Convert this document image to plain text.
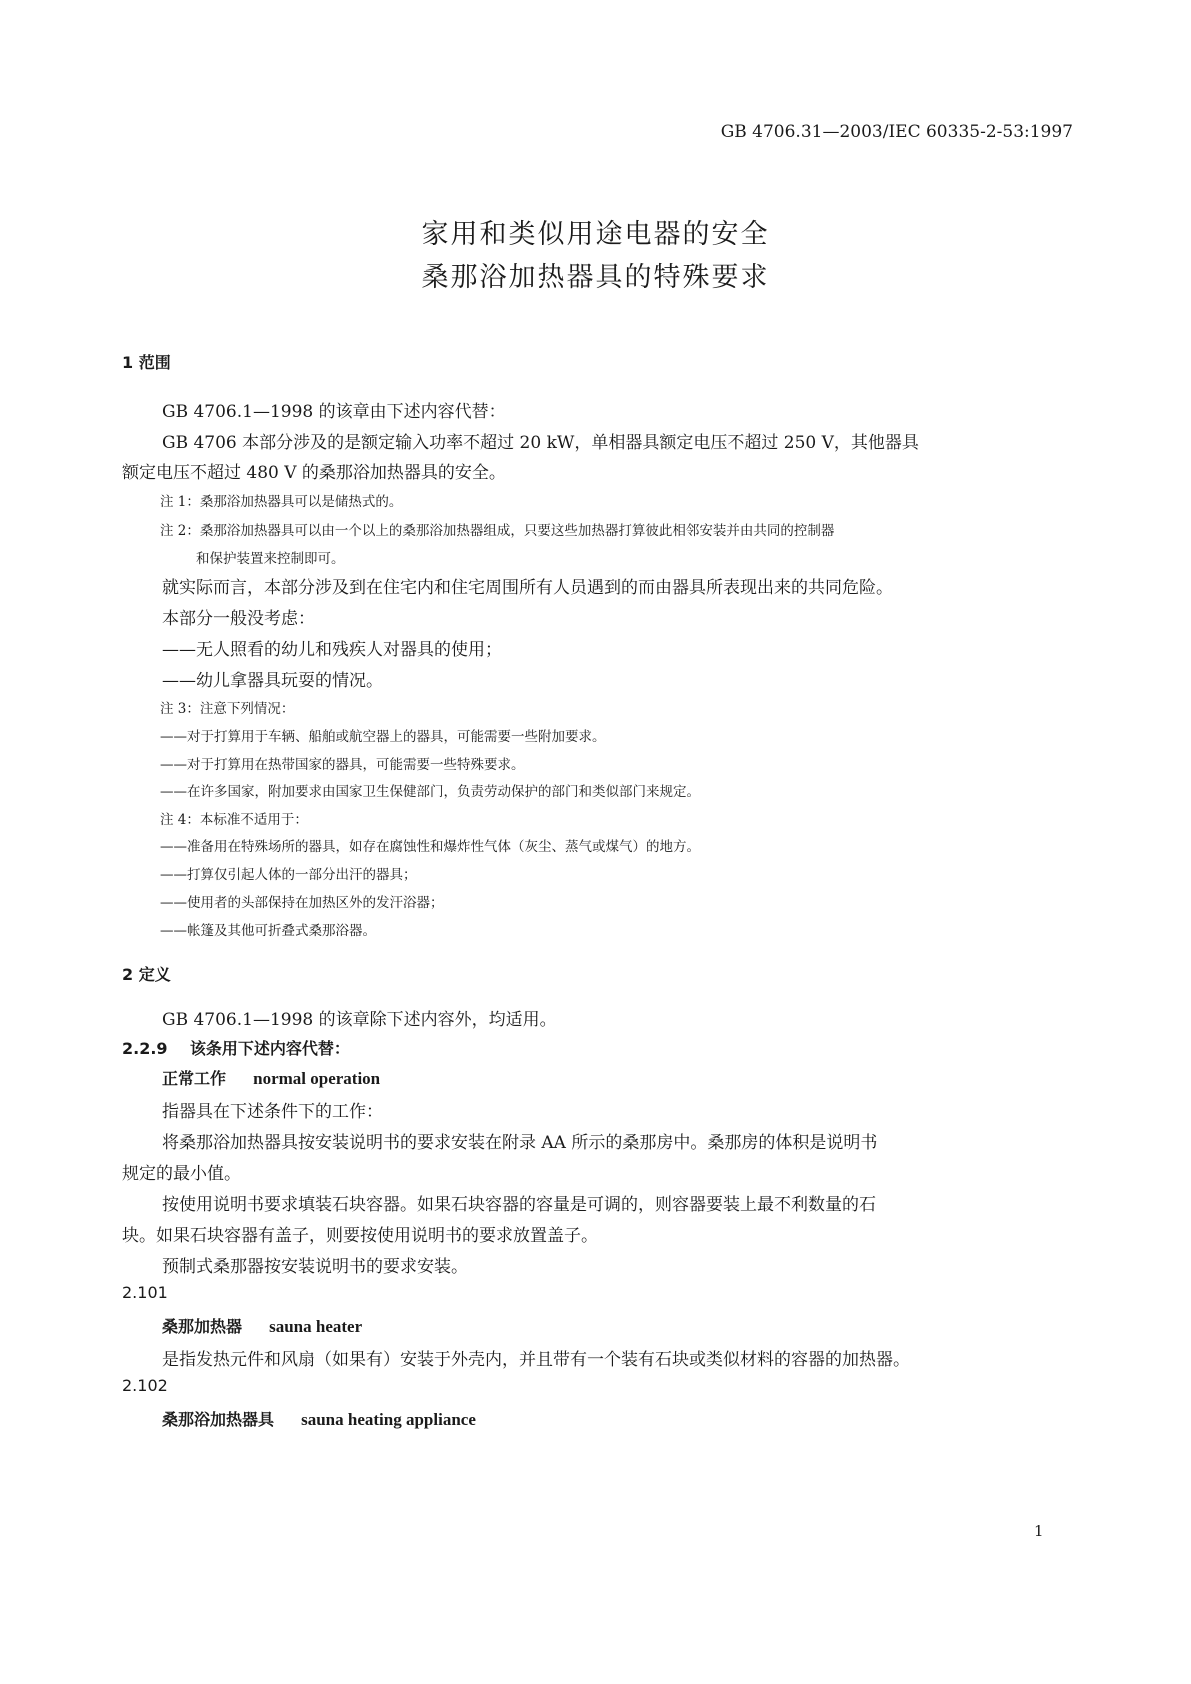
GB 4706.31—2003/IEC 60335-2-53:1997
家用和类似用途电器的安全
桑那浴加热器具的特殊要求
1 范围
GB 4706.1—1998 的该章由下述内容代替：
GB 4706 本部分涉及的是额定输入功率不超过 20 kW，单相器具额定电压不超过 250 V，其他器具
额定电压不超过 480 V 的桑那浴加热器具的安全。
注 1：桑那浴加热器具可以是储热式的。
注 2：桑那浴加热器具可以由一个以上的桑那浴加热器组成，只要这些加热器打算彼此相邻安装并由共同的控制器
和保护装置来控制即可。
就实际而言，本部分涉及到在住宅内和住宅周围所有人员遇到的而由器具所表现出来的共同危险。
本部分一般没考虑：
——无人照看的幼儿和残疾人对器具的使用；
——幼儿拿器具玩耍的情况。
注 3：注意下列情况：
——对于打算用于车辆、船舶或航空器上的器具，可能需要一些附加要求。
——对于打算用在热带国家的器具，可能需要一些特殊要求。
——在许多国家，附加要求由国家卫生保健部门，负责劳动保护的部门和类似部门来规定。
注 4：本标准不适用于：
——准备用在特殊场所的器具，如存在腐蚀性和爆炸性气体（灰尘、蒸气或煤气）的地方。
——打算仅引起人体的一部分出汗的器具；
——使用者的头部保持在加热区外的发汗浴器；
——帐篷及其他可折叠式桑那浴器。
2 定义
GB 4706.1—1998 的该章除下述内容外，均适用。
2.2.9 该条用下述内容代替：
正常工作 normal operation
指器具在下述条件下的工作：
将桑那浴加热器具按安装说明书的要求安装在附录 AA 所示的桑那房中。桑那房的体积是说明书
规定的最小值。
按使用说明书要求填装石块容器。如果石块容器的容量是可调的，则容器要装上最不利数量的石
块。如果石块容器有盖子，则要按使用说明书的要求放置盖子。
预制式桑那器按安装说明书的要求安装。
2.101
桑那加热器 sauna heater
是指发热元件和风扇（如果有）安装于外壳内，并且带有一个装有石块或类似材料的容器的加热器。
2.102
桑那浴加热器具 sauna heating appliance
1
